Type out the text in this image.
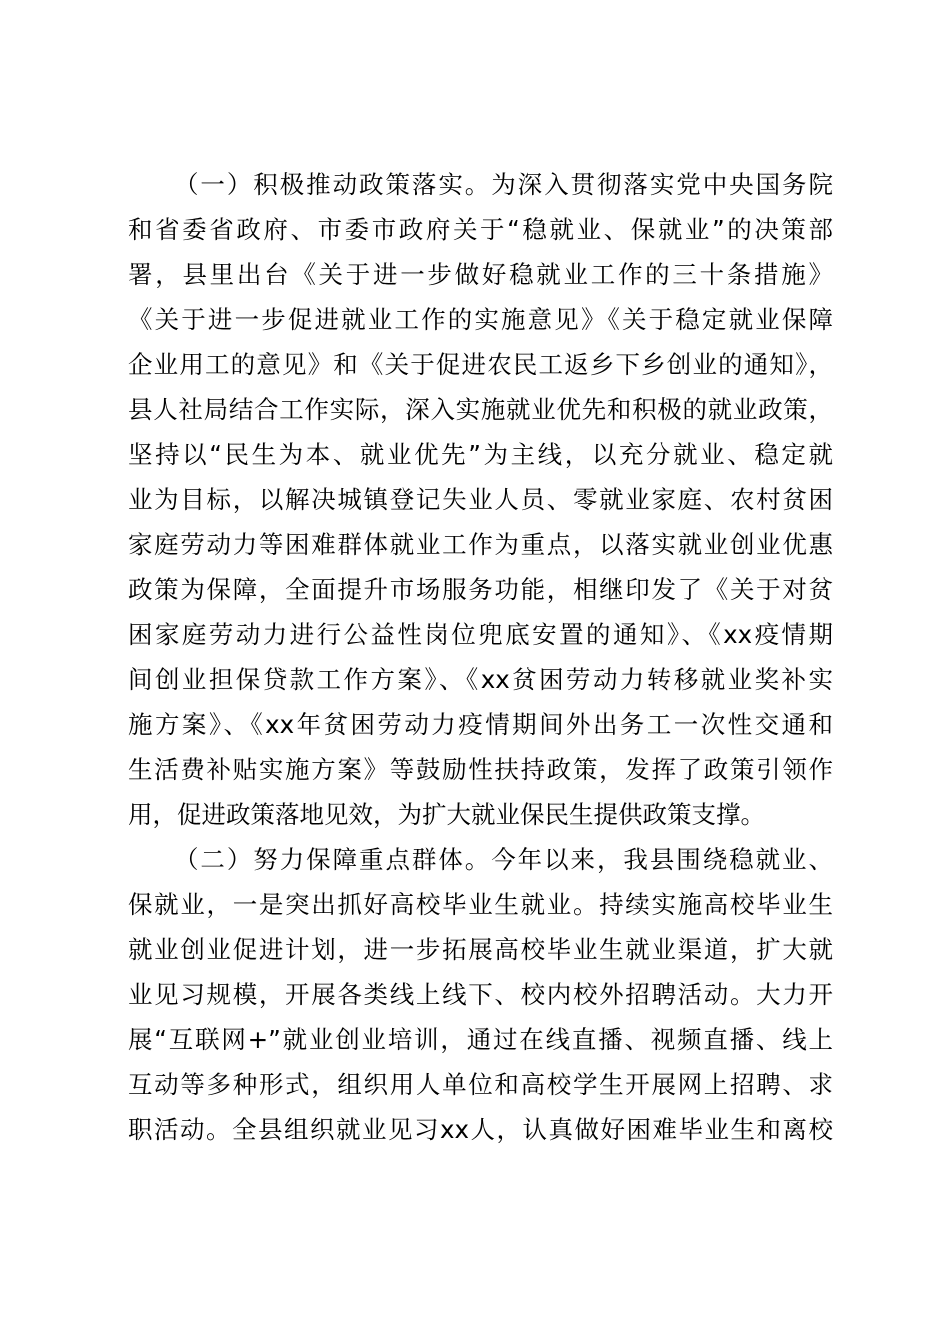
（一）积极推动政策落实。为深入贯彻落实党中央国务院
和省委省政府、市委市政府关于“稳就业、保就业”的决策部
署，县里出台《关于进一步做好稳就业工作的三十条措施》
《关于进一步促进就业工作的实施意见》《关于稳定就业保障
企业用工的意见》和《关于促进农民工返乡下乡创业的通知》，
县人社局结合工作实际，深入实施就业优先和积极的就业政策，
坚持以“民生为本、就业优先”为主线，以充分就业、稳定就
业为目标，以解决城镇登记失业人员、零就业家庭、农村贫困
家庭劳动力等困难群体就业工作为重点，以落实就业创业优惠
政策为保障，全面提升市场服务功能，相继印发了《关于对贫
困家庭劳动力进行公益性岗位兜底安置的通知》、《xx疫情期
间创业担保贷款工作方案》、《xx贫困劳动力转移就业奖补实
施方案》、《xx年贫困劳动力疫情期间外出务工一次性交通和
生活费补贴实施方案》等鼓励性扶持政策，发挥了政策引领作
用，促进政策落地见效，为扩大就业保民生提供政策支撑。
（二）努力保障重点群体。今年以来，我县围绕稳就业、
保就业，一是突出抓好高校毕业生就业。持续实施高校毕业生
就业创业促进计划，进一步拓展高校毕业生就业渠道，扩大就
业见习规模，开展各类线上线下、校内校外招聘活动。大力开
展“互联网+”就业创业培训，通过在线直播、视频直播、线上
互动等多种形式，组织用人单位和高校学生开展网上招聘、求
职活动。全县组织就业见习xx人，认真做好困难毕业生和离校
